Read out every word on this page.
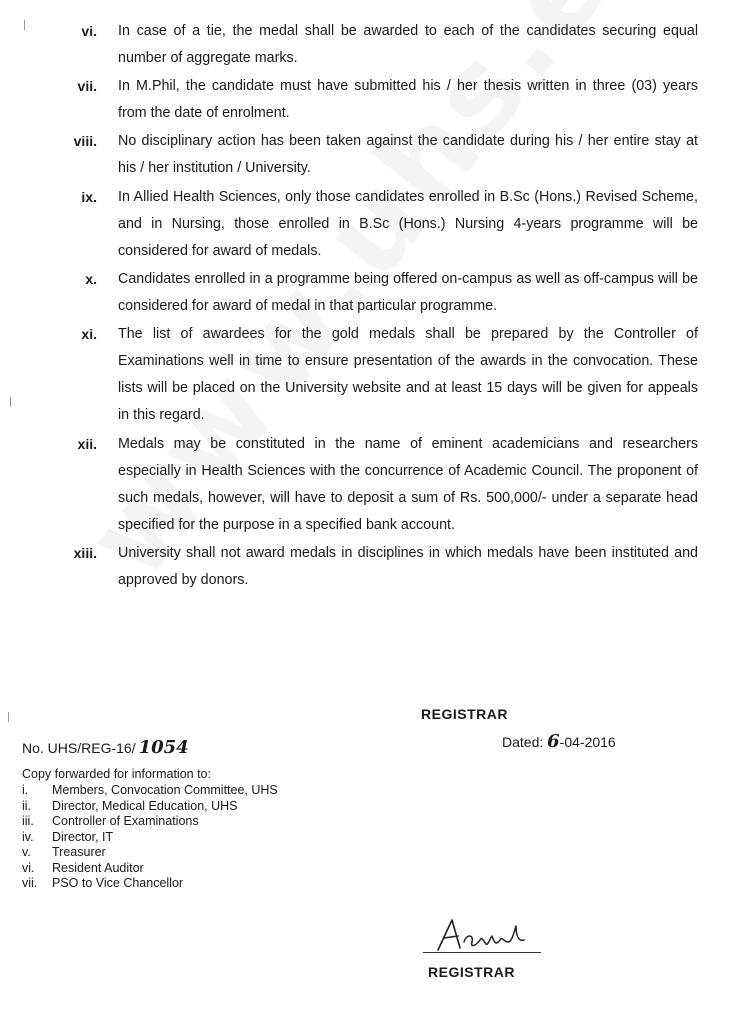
vi. In case of a tie, the medal shall be awarded to each of the candidates securing equal number of aggregate marks.
vii. In M.Phil, the candidate must have submitted his / her thesis written in three (03) years from the date of enrolment.
viii. No disciplinary action has been taken against the candidate during his / her entire stay at his / her institution / University.
ix. In Allied Health Sciences, only those candidates enrolled in B.Sc (Hons.) Revised Scheme, and in Nursing, those enrolled in B.Sc (Hons.) Nursing 4-years programme will be considered for award of medals.
x. Candidates enrolled in a programme being offered on-campus as well as off-campus will be considered for award of medal in that particular programme.
xi. The list of awardees for the gold medals shall be prepared by the Controller of Examinations well in time to ensure presentation of the awards in the convocation. These lists will be placed on the University website and at least 15 days will be given for appeals in this regard.
xii. Medals may be constituted in the name of eminent academicians and researchers especially in Health Sciences with the concurrence of Academic Council. The proponent of such medals, however, will have to deposit a sum of Rs. 500,000/- under a separate head specified for the purpose in a specified bank account.
xiii. University shall not award medals in disciplines in which medals have been instituted and approved by donors.
REGISTRAR
No. UHS/REG-16/ 1054	Dated: 6-04-2016
Copy forwarded for information to:
i. Members, Convocation Committee, UHS
ii. Director, Medical Education, UHS
iii. Controller of Examinations
iv. Director, IT
v. Treasurer
vi. Resident Auditor
vii. PSO to Vice Chancellor
REGISTRAR
